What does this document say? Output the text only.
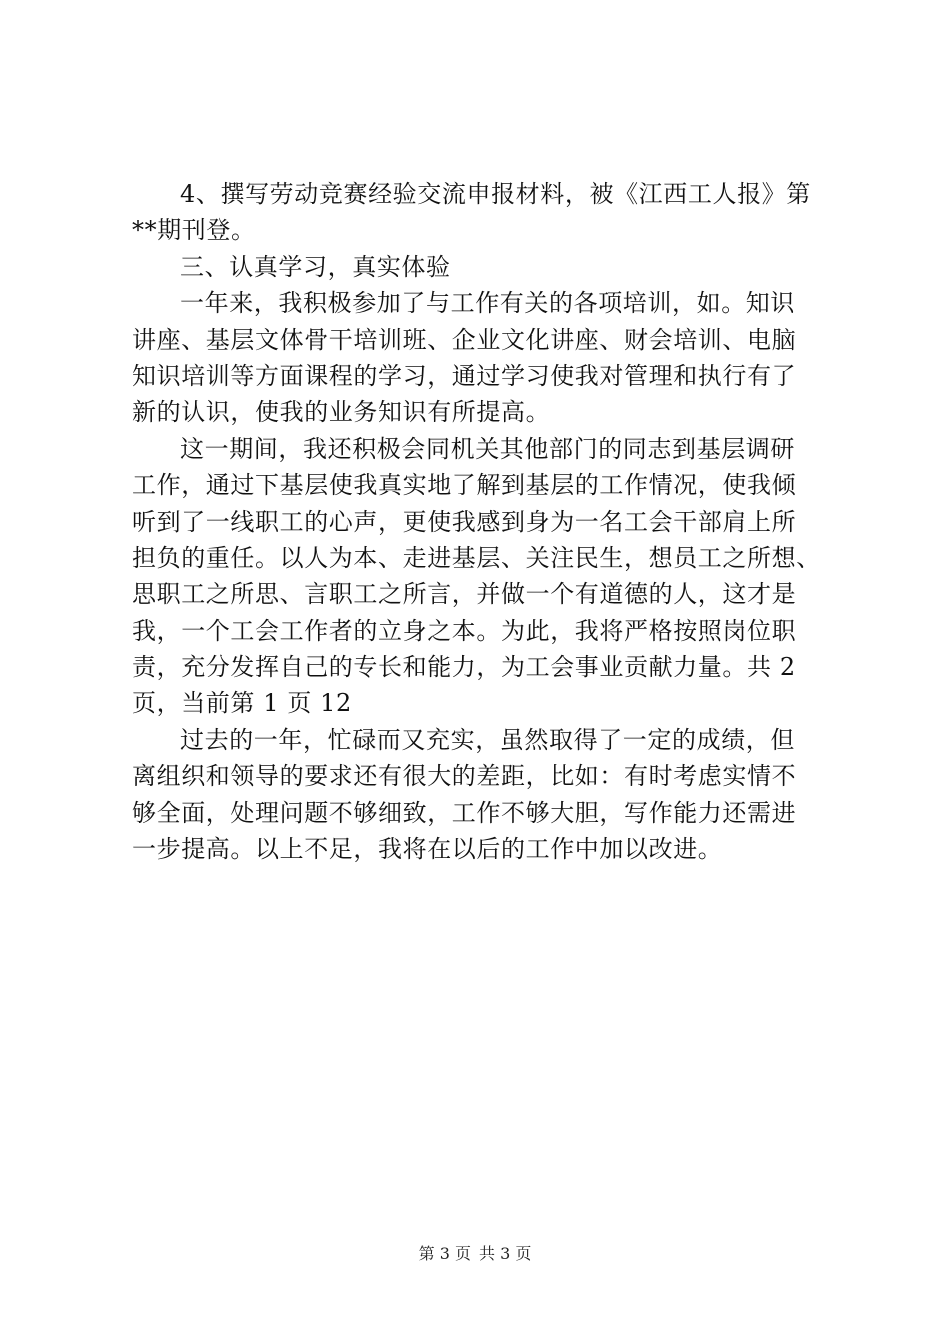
4、撰写劳动竞赛经验交流申报材料，被《江西工人报》第
**期刊登。
三、认真学习，真实体验
一年来，我积极参加了与工作有关的各项培训，如。知识
讲座、基层文体骨干培训班、企业文化讲座、财会培训、电脑
知识培训等方面课程的学习，通过学习使我对管理和执行有了
新的认识，使我的业务知识有所提高。
这一期间，我还积极会同机关其他部门的同志到基层调研
工作，通过下基层使我真实地了解到基层的工作情况，使我倾
听到了一线职工的心声，更使我感到身为一名工会干部肩上所
担负的重任。以人为本、走进基层、关注民生，想员工之所想、
思职工之所思、言职工之所言，并做一个有道德的人，这才是
我，一个工会工作者的立身之本。为此，我将严格按照岗位职
责，充分发挥自己的专长和能力，为工会事业贡献力量。共 2
页，当前第 1 页 12
过去的一年，忙碌而又充实，虽然取得了一定的成绩，但
离组织和领导的要求还有很大的差距，比如：有时考虑实情不
够全面，处理问题不够细致，工作不够大胆，写作能力还需进
一步提高。以上不足，我将在以后的工作中加以改进。
第 3 页 共 3 页
